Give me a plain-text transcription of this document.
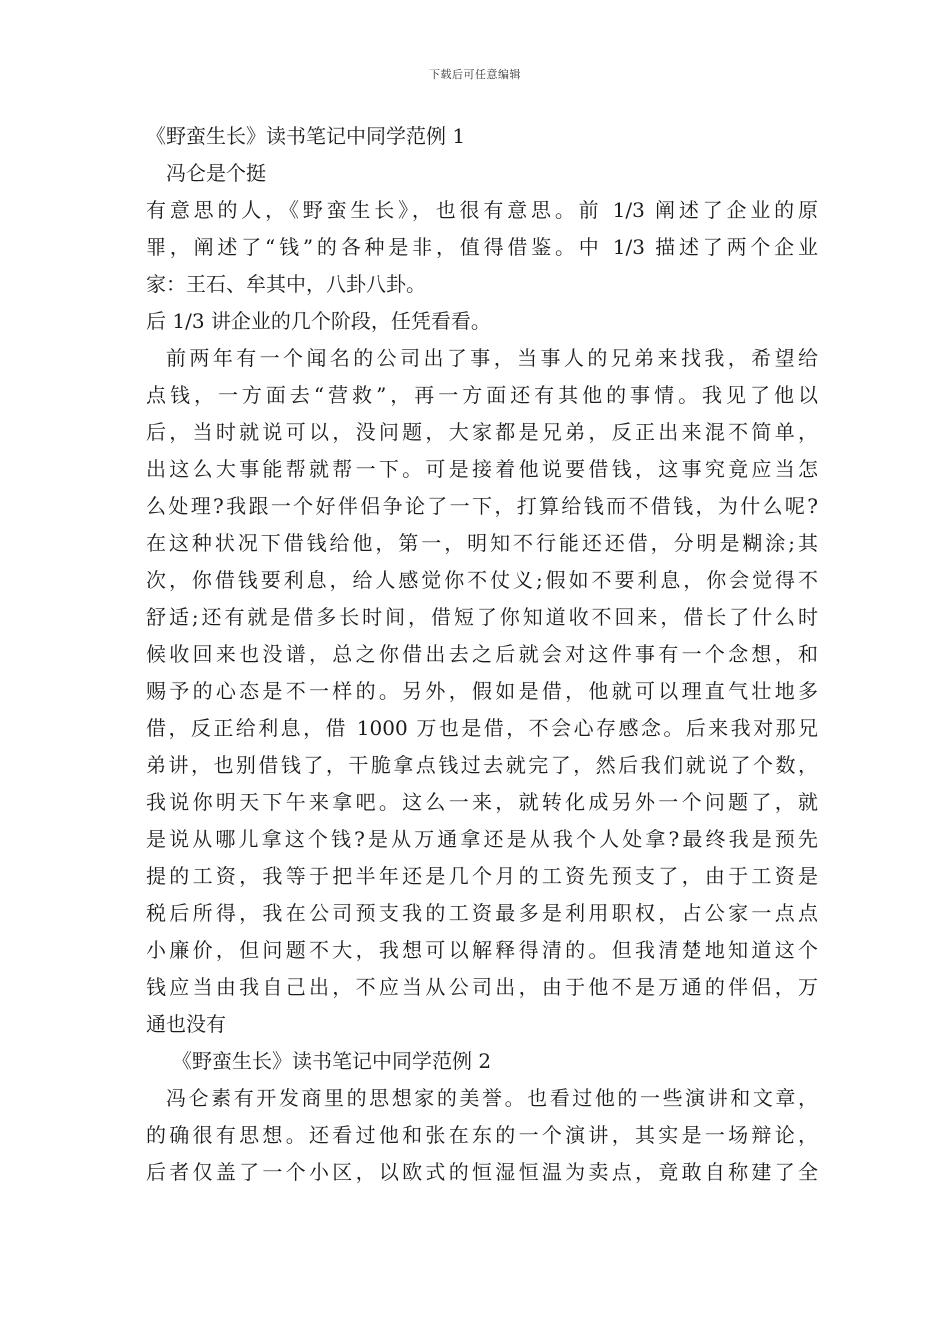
下载后可任意编辑
《野蛮生长》读书笔记中同学范例 1
冯仑是个挺
有意思的人，《野蛮生长》，也很有意思。前 1/3 阐述了企业的原
罪，阐述了“钱”的各种是非，值得借鉴。中 1/3 描述了两个企业
家：王石、牟其中，八卦八卦。
后 1/3 讲企业的几个阶段，任凭看看。
前两年有一个闻名的公司出了事，当事人的兄弟来找我，希望给
点钱，一方面去“营救”，再一方面还有其他的事情。我见了他以
后，当时就说可以，没问题，大家都是兄弟，反正出来混不简单，
出这么大事能帮就帮一下。可是接着他说要借钱，这事究竟应当怎
么处理?我跟一个好伴侣争论了一下，打算给钱而不借钱，为什么呢?
在这种状况下借钱给他，第一，明知不行能还还借，分明是糊涂;其
次，你借钱要利息，给人感觉你不仗义;假如不要利息，你会觉得不
舒适;还有就是借多长时间，借短了你知道收不回来，借长了什么时
候收回来也没谱，总之你借出去之后就会对这件事有一个念想，和
赐予的心态是不一样的。另外，假如是借，他就可以理直气壮地多
借，反正给利息，借 1000 万也是借，不会心存感念。后来我对那兄
弟讲，也别借钱了，干脆拿点钱过去就完了，然后我们就说了个数，
我说你明天下午来拿吧。这么一来，就转化成另外一个问题了，就
是说从哪儿拿这个钱?是从万通拿还是从我个人处拿?最终我是预先
提的工资，我等于把半年还是几个月的工资先预支了，由于工资是
税后所得，我在公司预支我的工资最多是利用职权，占公家一点点
小廉价，但问题不大，我想可以解释得清的。但我清楚地知道这个
钱应当由我自己出，不应当从公司出，由于他不是万通的伴侣，万
通也没有
《野蛮生长》读书笔记中同学范例 2
冯仑素有开发商里的思想家的美誉。也看过他的一些演讲和文章，
的确很有思想。还看过他和张在东的一个演讲，其实是一场辩论，
后者仅盖了一个小区，以欧式的恒湿恒温为卖点，竟敢自称建了全
